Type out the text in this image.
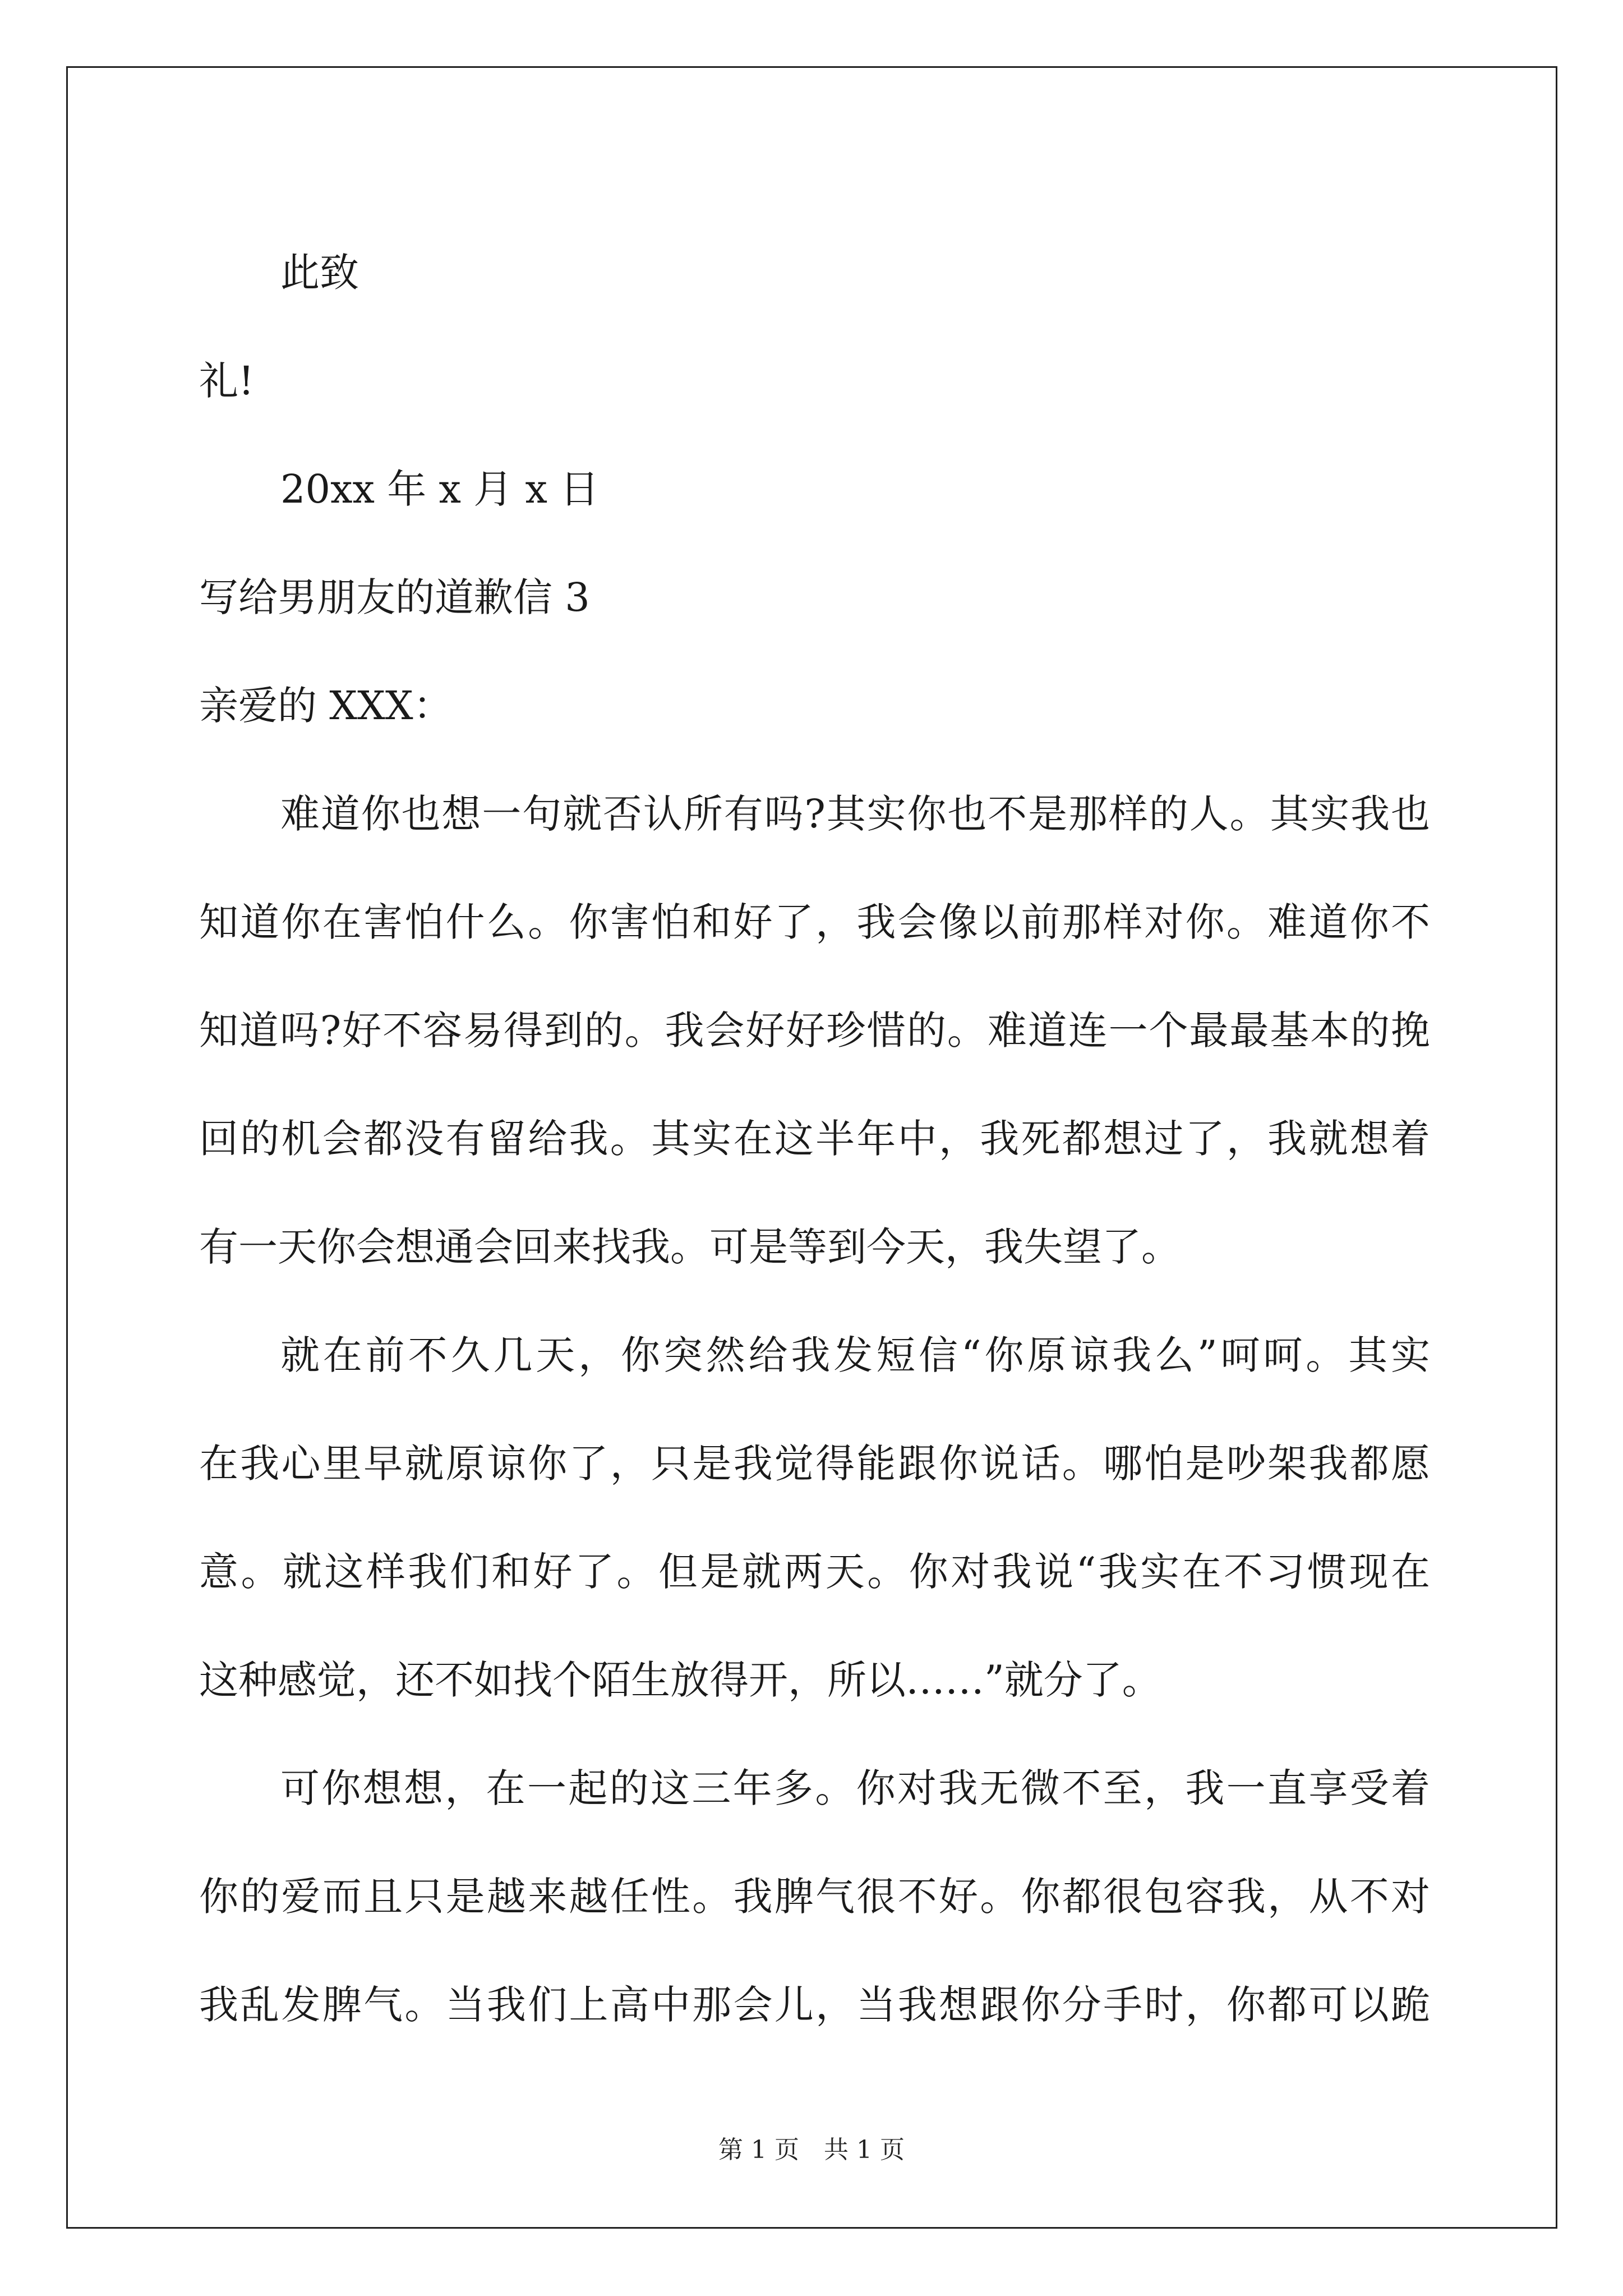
此致

礼!

20xx 年 x 月 x 日

写给男朋友的道歉信 3

亲爱的 XXX：

难道你也想一句就否认所有吗?其实你也不是那样的人。其实我也

知道你在害怕什么。你害怕和好了，我会像以前那样对你。难道你不

知道吗?好不容易得到的。我会好好珍惜的。难道连一个最最基本的挽

回的机会都没有留给我。其实在这半年中，我死都想过了，我就想着

有一天你会想通会回来找我。可是等到今天，我失望了。

就在前不久几天，你突然给我发短信“你原谅我么”呵呵。其实

在我心里早就原谅你了，只是我觉得能跟你说话。哪怕是吵架我都愿

意。就这样我们和好了。但是就两天。你对我说“我实在不习惯现在

这种感觉，还不如找个陌生放得开，所以……”就分了。

可你想想，在一起的这三年多。你对我无微不至，我一直享受着

你的爱而且只是越来越任性。我脾气很不好。你都很包容我，从不对

我乱发脾气。当我们上高中那会儿，当我想跟你分手时，你都可以跪

第 1 页　共 1 页
